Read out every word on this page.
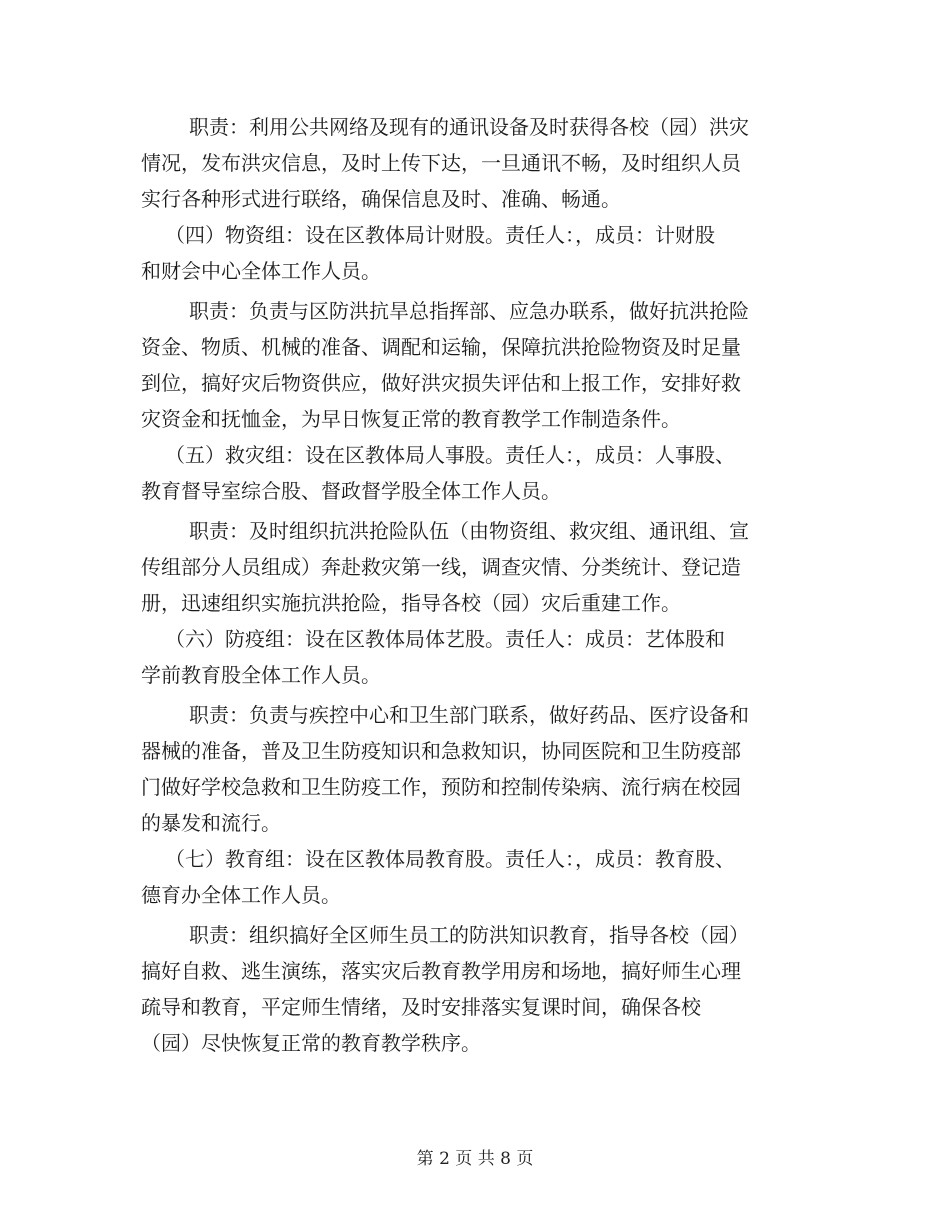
职责：利用公共网络及现有的通讯设备及时获得各校（园）洪灾
情况，发布洪灾信息，及时上传下达，一旦通讯不畅，及时组织人员
实行各种形式进行联络，确保信息及时、准确、畅通。
（四）物资组：设在区教体局计财股。责任人：，成员：计财股
和财会中心全体工作人员。
职责：负责与区防洪抗旱总指挥部、应急办联系，做好抗洪抢险
资金、物质、机械的准备、调配和运输，保障抗洪抢险物资及时足量
到位，搞好灾后物资供应，做好洪灾损失评估和上报工作，安排好救
灾资金和抚恤金，为早日恢复正常的教育教学工作制造条件。
（五）救灾组：设在区教体局人事股。责任人：，成员：人事股、
教育督导室综合股、督政督学股全体工作人员。
职责：及时组织抗洪抢险队伍（由物资组、救灾组、通讯组、宣
传组部分人员组成）奔赴救灾第一线，调查灾情、分类统计、登记造
册，迅速组织实施抗洪抢险，指导各校（园）灾后重建工作。
（六）防疫组：设在区教体局体艺股。责任人：成员：艺体股和
学前教育股全体工作人员。
职责：负责与疾控中心和卫生部门联系，做好药品、医疗设备和
器械的准备，普及卫生防疫知识和急救知识，协同医院和卫生防疫部
门做好学校急救和卫生防疫工作，预防和控制传染病、流行病在校园
的暴发和流行。
（七）教育组：设在区教体局教育股。责任人：，成员：教育股、
德育办全体工作人员。
职责：组织搞好全区师生员工的防洪知识教育，指导各校（园）
搞好自救、逃生演练，落实灾后教育教学用房和场地，搞好师生心理
疏导和教育，平定师生情绪，及时安排落实复课时间，确保各校
（园）尽快恢复正常的教育教学秩序。
第 2 页 共 8 页
